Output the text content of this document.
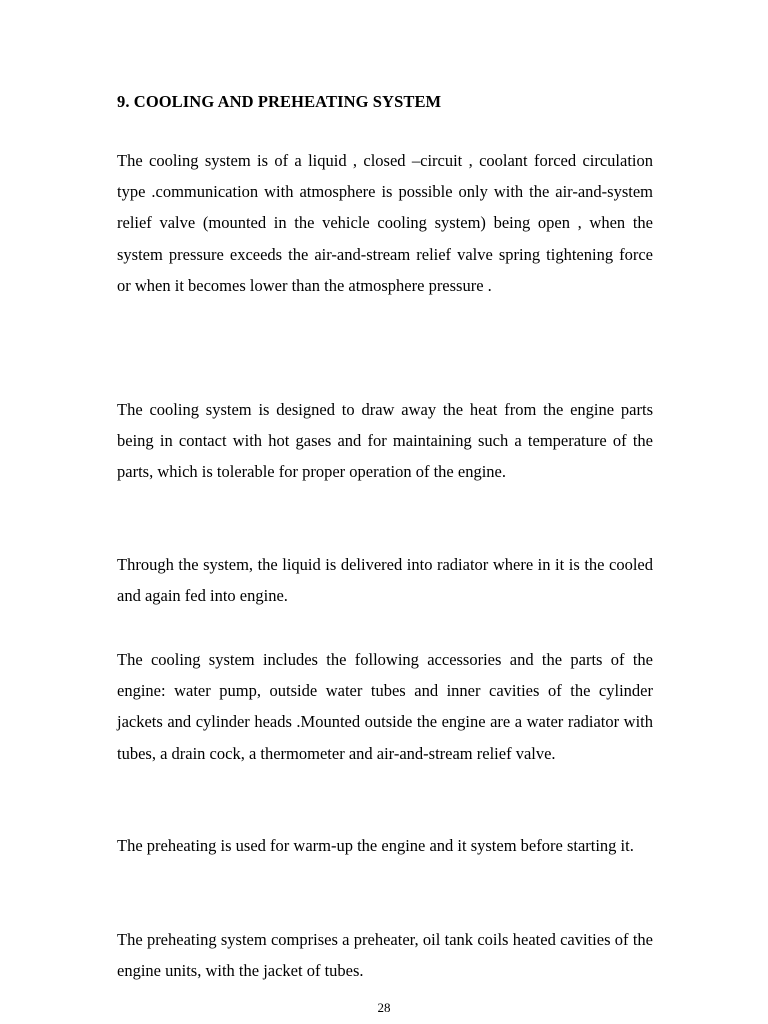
9. COOLING AND PREHEATING SYSTEM

The cooling system is of a liquid , closed –circuit , coolant forced circulation type .communication with atmosphere is possible only with the air-and-system relief valve (mounted in the vehicle cooling system) being open , when the system pressure exceeds the air-and-stream relief valve spring tightening force or when it becomes lower than the atmosphere pressure .

The cooling system is designed to draw away the heat from the engine parts being in contact with hot gases and for maintaining such a temperature of the parts, which is tolerable for proper operation of the engine.

Through the system, the liquid is delivered into radiator where in it is the cooled and again fed into engine.

The cooling system includes the following accessories and the parts of the engine: water pump, outside water tubes and inner cavities of the cylinder jackets and cylinder heads .Mounted outside the engine are a water radiator with tubes, a drain cock, a thermometer and air-and-stream relief valve.

The preheating is used for warm-up the engine and it system before starting it.

The preheating system comprises a preheater, oil tank coils heated cavities of the engine units, with the jacket of tubes.

28
